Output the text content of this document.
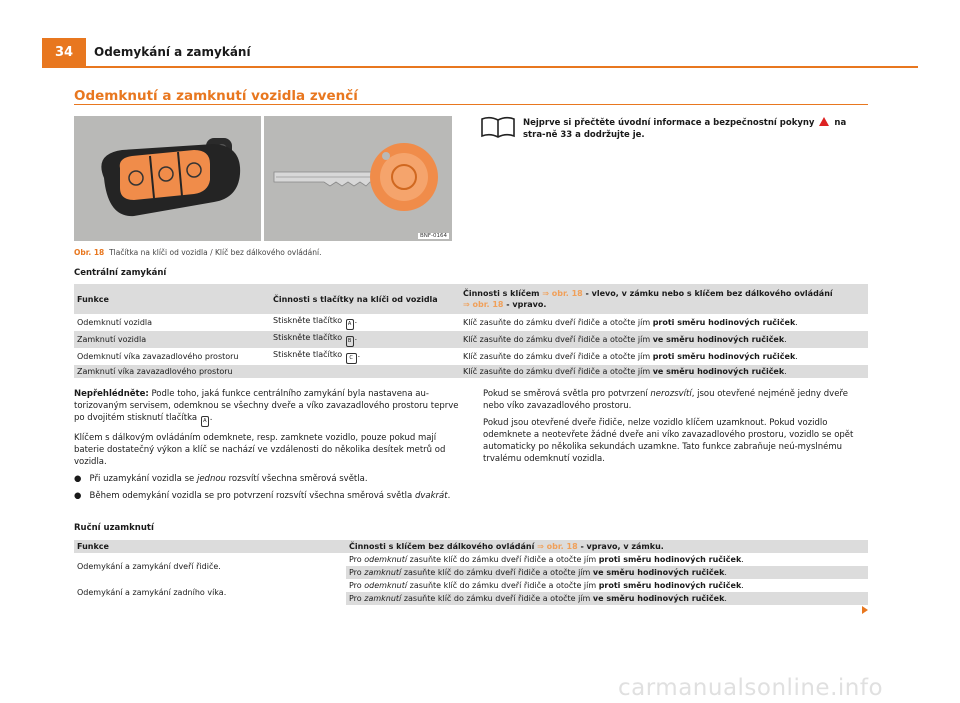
34	Odemykání a zamykání
Odemknutí a zamknutí vozidla zvenčí
BNF-0164
Obr. 18 Tlačítka na klíči od vozidla / Klíč bez dálkového ovládání.
Nejprve si přečtěte úvodní informace a bezpečnostní pokyny na stra-ně 33 a dodržujte je.
Centrální zamykání
Funkce	Činnosti s tlačítky na klíči od vozidla	Činnosti s klíčem ⇒ obr. 18 - vlevo, v zámku nebo s klíčem bez dálkového ovládání
⇒ obr. 18 - vpravo.
Odemknutí vozidla	Stiskněte tlačítko A .	Klíč zasuňte do zámku dveří řidiče a otočte jím proti směru hodinových ručiček.
Zamknutí vozidla	Stiskněte tlačítko B .	Klíč zasuňte do zámku dveří řidiče a otočte jím ve směru hodinových ručiček.
Odemknutí víka zavazadlového prostoru	Stiskněte tlačítko C .	Klíč zasuňte do zámku dveří řidiče a otočte jím proti směru hodinových ručiček.
Zamknutí víka zavazadlového prostoru		Klíč zasuňte do zámku dveří řidiče a otočte jím ve směru hodinových ručiček.

Nepřehlédněte: Podle toho, jaká funkce centrálního zamykání byla nastavena au-torizovaným servisem, odemknou se všechny dveře a víko zavazadlového prostoru teprve po dvojitém stisknutí tlačítka A .

Klíčem s dálkovým ovládáním odemknete, resp. zamknete vozidlo, pouze pokud mají baterie dostatečný výkon a klíč se nachází ve vzdálenosti do několika desítek metrů od vozidla.

●   Při uzamykání vozidla se jednou rozsvítí všechna směrová světla.

●   Během odemykání vozidla se pro potvrzení rozsvítí všechna směrová světla dvakrát.

Pokud se směrová světla pro potvrzení nerozsvítí, jsou otevřené nejméně jedny dveře nebo víko zavazadlového prostoru.

Pokud jsou otevřené dveře řidiče, nelze vozidlo klíčem uzamknout. Pokud vozidlo odemknete a neotevřete žádné dveře ani víko zavazadlového prostoru, vozidlo se opět automaticky po několika sekundách uzamkne. Tato funkce zabraňuje neú-myslnému trvalému odemknutí vozidla.

Ruční uzamknutí
Funkce	Činnosti s klíčem bez dálkového ovládání ⇒ obr. 18 - vpravo, v zámku.
Odemykání a zamykání dveří řidiče.	Pro odemknutí zasuňte klíč do zámku dveří řidiče a otočte jím proti směru hodinových ručiček.
	Pro zamknutí zasuňte klíč do zámku dveří řidiče a otočte jím ve směru hodinových ručiček.
Odemykání a zamykání zadního víka.	Pro odemknutí zasuňte klíč do zámku dveří řidiče a otočte jím proti směru hodinových ručiček.
	Pro zamknutí zasuňte klíč do zámku dveří řidiče a otočte jím ve směru hodinových ručiček.
carmanualsonline.info
